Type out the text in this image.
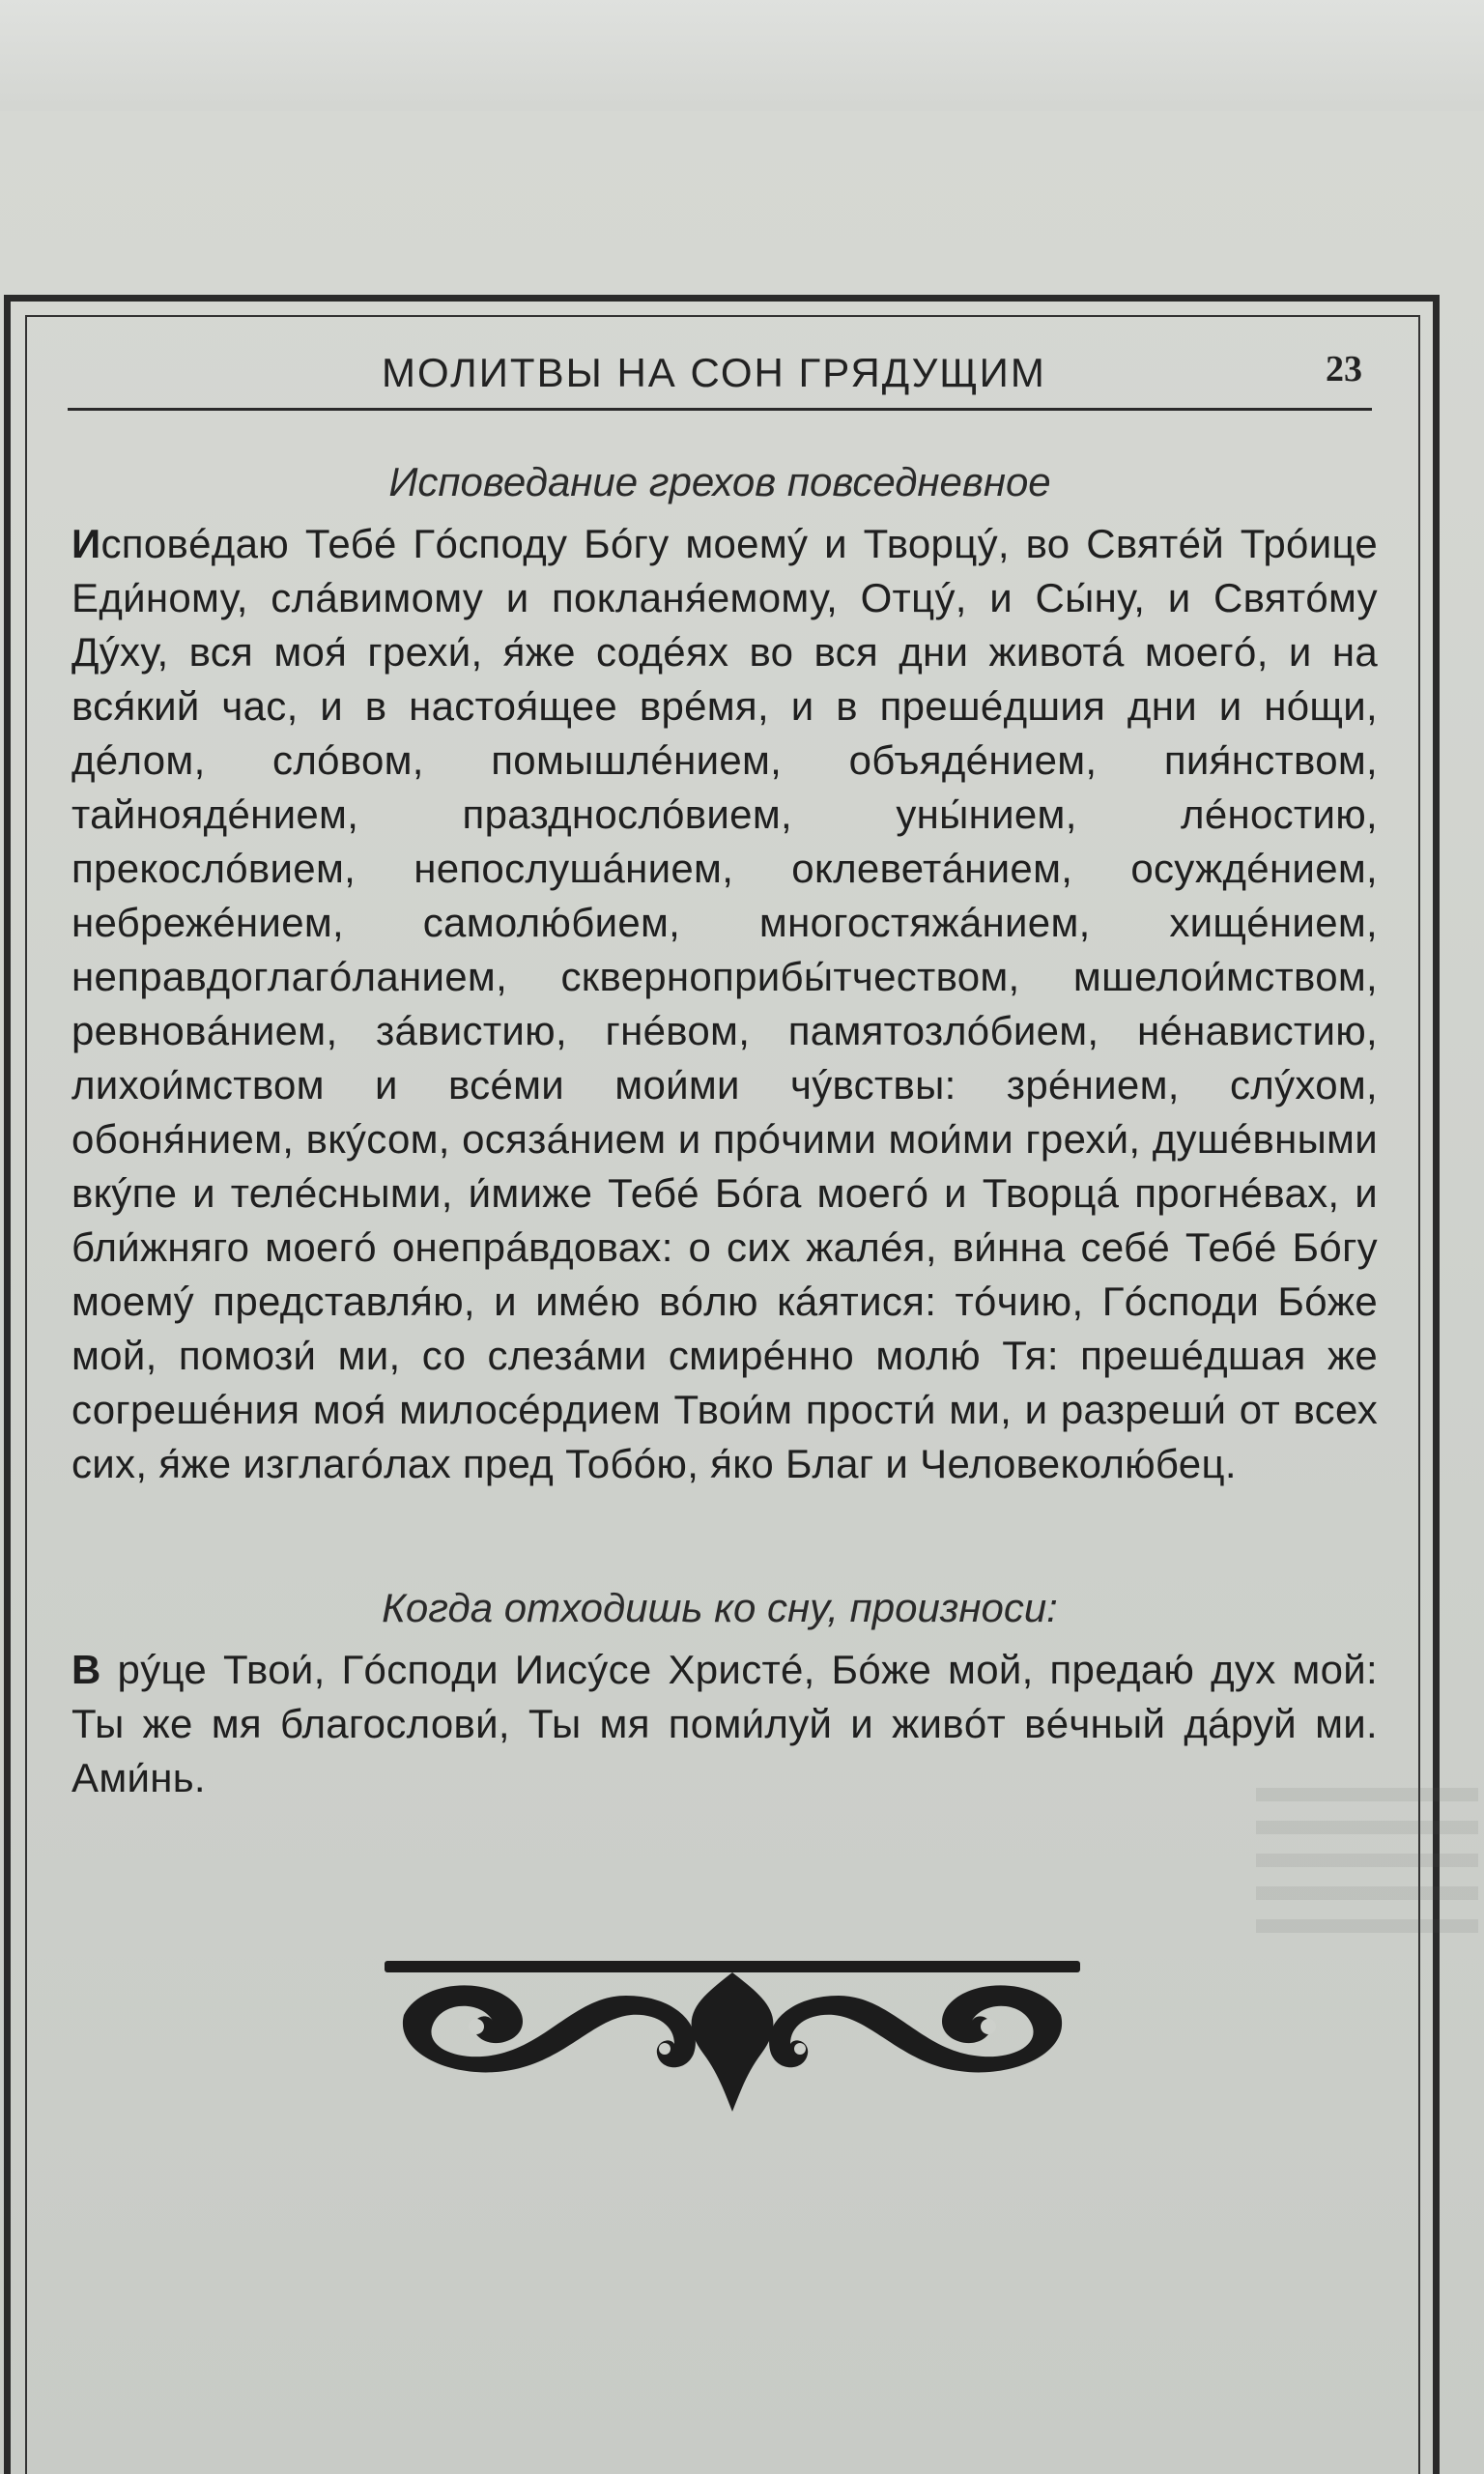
МОЛИТВЫ НА СОН ГРЯДУЩИМ	23
Исповедание грехов повседневное
Исповéдаю Тебé Гóсподу Бóгу моемý и Творцý, во Святéй Трóице Еди́ному, слáвимому и покланя́емому, Отцý, и Сы́ну, и Святóму Дýху, вся моя́ грехи́, я́же содéях во вся дни животá моегó, и на вся́кий час, и в настоя́щее врéмя, и в прешéдшия дни и нóщи, дéлом, слóвом, помышлéнием, объядéнием, пия́нством, тайноядéнием, празднослóвием, уны́нием, лéностию, прекослóвием, непослушáнием, оклеветáнием, осуждéнием, небрежéнием, самолю́бием, многостяжáнием, хищéнием, неправдоглагóланием, скверноприбы́тчеством, мшелои́мством, ревновáнием, зáвистию, гнéвом, памятозлóбием, нéнавистию, лихои́мством и всéми мои́ми чýвствы: зрéнием, слýхом, обоня́нием, вкýсом, осязáнием и прóчими мои́ми грехи́, душéвными вкýпе и телéсными, и́миже Тебé Бóга моегó и Творцá прогнéвах, и бли́жняго моегó онепрáвдовах: о сих жалéя, ви́нна себé Тебé Бóгу моемý представля́ю, и имéю вóлю кáятися: тóчию, Гóсподи Бóже мой, помози́ ми, со слезáми смирéнно молю́ Тя: прешéдшая же согрешéния моя́ милосéрдием Твои́м прости́ ми, и разреши́ от всех сих, я́же изглагóлах пред Тобóю, я́ко Благ и Человеколю́бец.
Когда отходишь ко сну, произноси:
В рýце Твои́, Гóсподи Иисýсе Христé, Бóже мой, предаю́ дух мой: Ты же мя благослови́, Ты мя поми́луй и живóт вéчный дáруй ми. Ами́нь.
